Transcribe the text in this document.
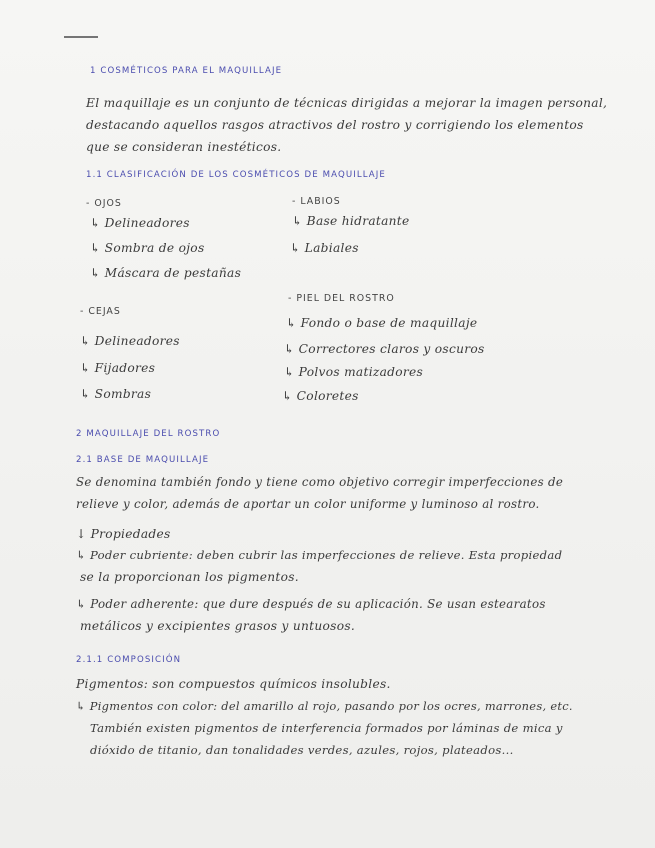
1 COSMÉTICOS PARA EL MAQUILLAJE
El maquillaje es un conjunto de técnicas dirigidas a mejorar la imagen personal,
destacando aquellos rasgos atractivos del rostro y corrigiendo los elementos
que se consideran inestéticos.
1.1 CLASIFICACIÓN DE LOS COSMÉTICOS DE MAQUILLAJE
- OJOS
↳ Delineadores
↳ Sombra de ojos
↳ Máscara de pestañas
- CEJAS
↳ Delineadores
↳ Fijadores
↳ Sombras
- LABIOS
↳ Base hidratante
↳ Labiales
- PIEL DEL ROSTRO
↳ Fondo o base de maquillaje
↳ Correctores claros y oscuros
↳ Polvos matizadores
↳ Coloretes
2 MAQUILLAJE DEL ROSTRO
2.1 BASE DE MAQUILLAJE
Se denomina también fondo y tiene como objetivo corregir imperfecciones de
relieve y color, además de aportar un color uniforme y luminoso al rostro.
↓ Propiedades
↳ Poder cubriente: deben cubrir las imperfecciones de relieve. Esta propiedad
se la proporcionan los pigmentos.
↳ Poder adherente: que dure después de su aplicación. Se usan estearatos
metálicos y excipientes grasos y untuosos.
2.1.1 COMPOSICIÓN
Pigmentos: son compuestos químicos insolubles.
↳ Pigmentos con color: del amarillo al rojo, pasando por los ocres, marrones, etc.
También existen pigmentos de interferencia formados por láminas de mica y
dióxido de titanio, dan tonalidades verdes, azules, rojos, plateados...
